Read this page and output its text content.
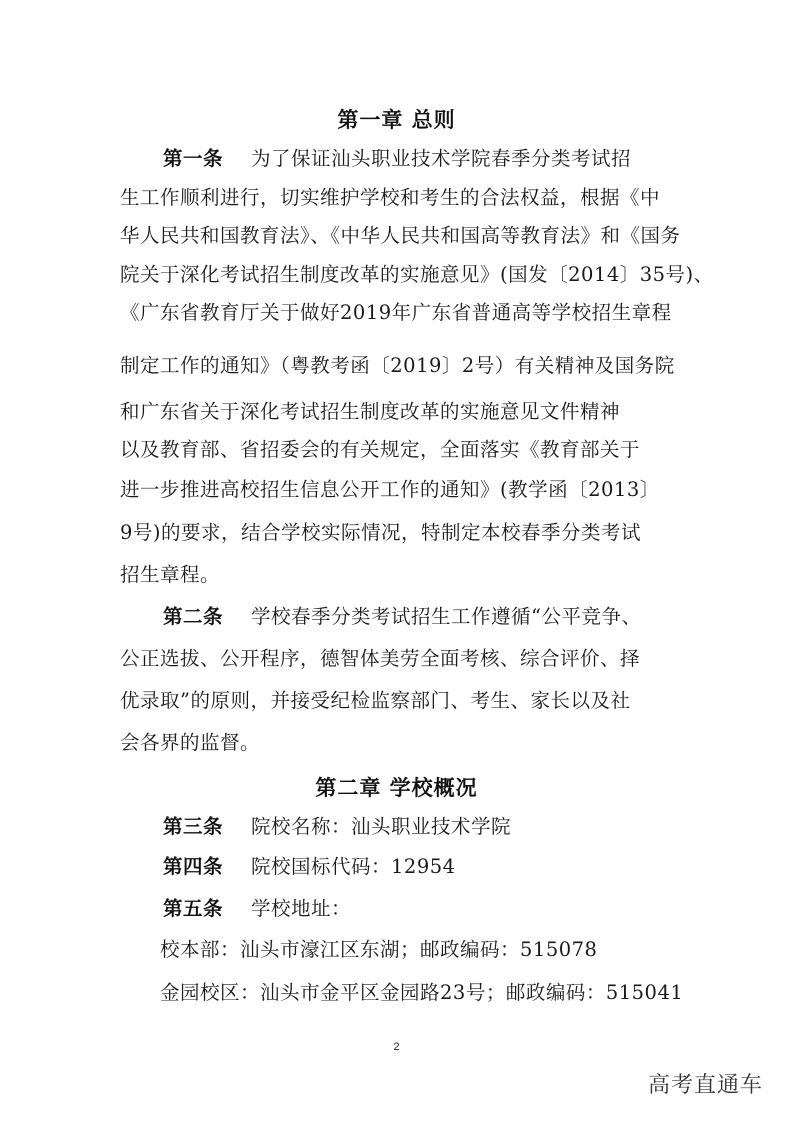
第一章 总则
第一条 为了保证汕头职业技术学院春季分类考试招
生工作顺利进行，切实维护学校和考生的合法权益，根据《中
华人民共和国教育法》、《中华人民共和国高等教育法》和《国务
院关于深化考试招生制度改革的实施意见》(国发〔2014〕35号)、
《广东省教育厅关于做好2019年广东省普通高等学校招生章程
制定工作的通知》（粤教考函〔2019〕2号）有关精神及国务院
和广东省关于深化考试招生制度改革的实施意见文件精神
以及教育部、省招委会的有关规定，全面落实《教育部关于
进一步推进高校招生信息公开工作的通知》(教学函〔2013〕
9号)的要求，结合学校实际情况，特制定本校春季分类考试
招生章程。
第二条 学校春季分类考试招生工作遵循“公平竞争、
公正选拔、公开程序，德智体美劳全面考核、综合评价、择
优录取”的原则，并接受纪检监察部门、考生、家长以及社
会各界的监督。
第二章 学校概况
第三条 院校名称：汕头职业技术学院
第四条 院校国标代码：12954
第五条 学校地址：
校本部：汕头市濠江区东湖；邮政编码：515078
金园校区：汕头市金平区金园路23号；邮政编码：515041
2
高考直通车
